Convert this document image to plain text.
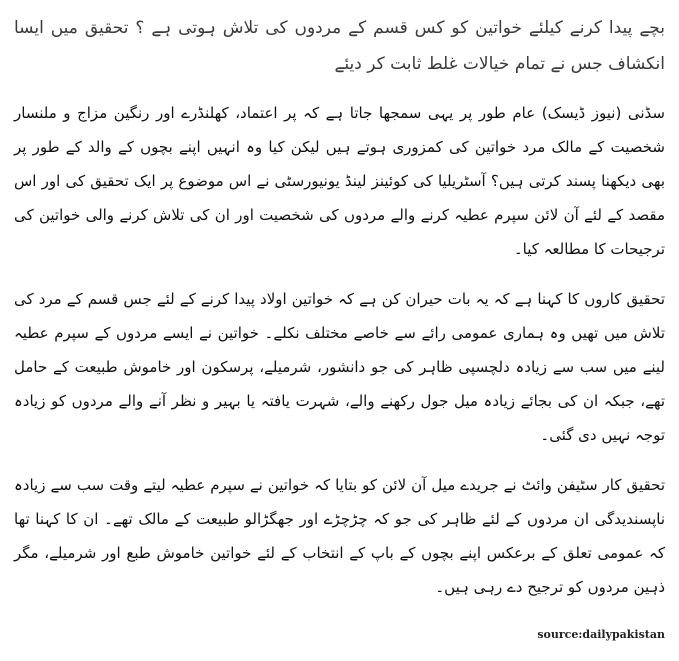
بچے پیدا کرنے کیلئے خواتین کو کس قسم کے مردوں کی تلاش ہوتی ہے ؟ تحقیق میں ایسا انکشاف جس نے تمام خیالات غلط ثابت کر دیئے

سڈنی (نیوز ڈیسک) عام طور پر یہی سمجھا جاتا ہے کہ پر اعتماد، کھلنڈرے اور رنگین مزاج و ملنسار شخصیت کے مالک مرد خواتین کی کمزوری ہوتے ہیں لیکن کیا وہ انہیں اپنے بچوں کے والد کے طور پر بھی دیکھنا پسند کرتی ہیں؟ آسٹریلیا کی کوئینز لینڈ یونیورسٹی نے اس موضوع پر ایک تحقیق کی اور اس مقصد کے لئے آن لائن سپرم عطیہ کرنے والے مردوں کی شخصیت اور ان کی تلاش کرنے والی خواتین کی ترجیحات کا مطالعہ کیا۔

تحقیق کاروں کا کہنا ہے کہ یہ بات حیران کن ہے کہ خواتین اولاد پیدا کرنے کے لئے جس قسم کے مرد کی تلاش میں تھیں وہ ہماری عمومی رائے سے خاصے مختلف نکلے۔ خواتین نے ایسے مردوں کے سپرم عطیہ لینے میں سب سے زیادہ دلچسپی ظاہر کی جو دانشور، شرمیلے، پرسکون اور خاموش طبیعت کے حامل تھے، جبکہ ان کی بجائے زیادہ میل جول رکھنے والے، شہرت یافتہ یا بہیر و نظر آنے والے مردوں کو زیادہ توجہ نہیں دی گئی۔

تحقیق کار سٹیفن وائٹ نے جریدے میل آن لائن کو بتایا کہ خواتین نے سپرم عطیہ لیتے وقت سب سے زیادہ ناپسندیدگی ان مردوں کے لئے ظاہر کی جو کہ چڑچڑے اور جھگڑالو طبیعت کے مالک تھے۔ ان کا کہنا تھا کہ عمومی تعلق کے برعکس اپنے بچوں کے باپ کے انتخاب کے لئے خواتین خاموش طبع اور شرمیلے، مگر ذہین مردوں کو ترجیح دے رہی ہیں۔

source:dailypakistan
